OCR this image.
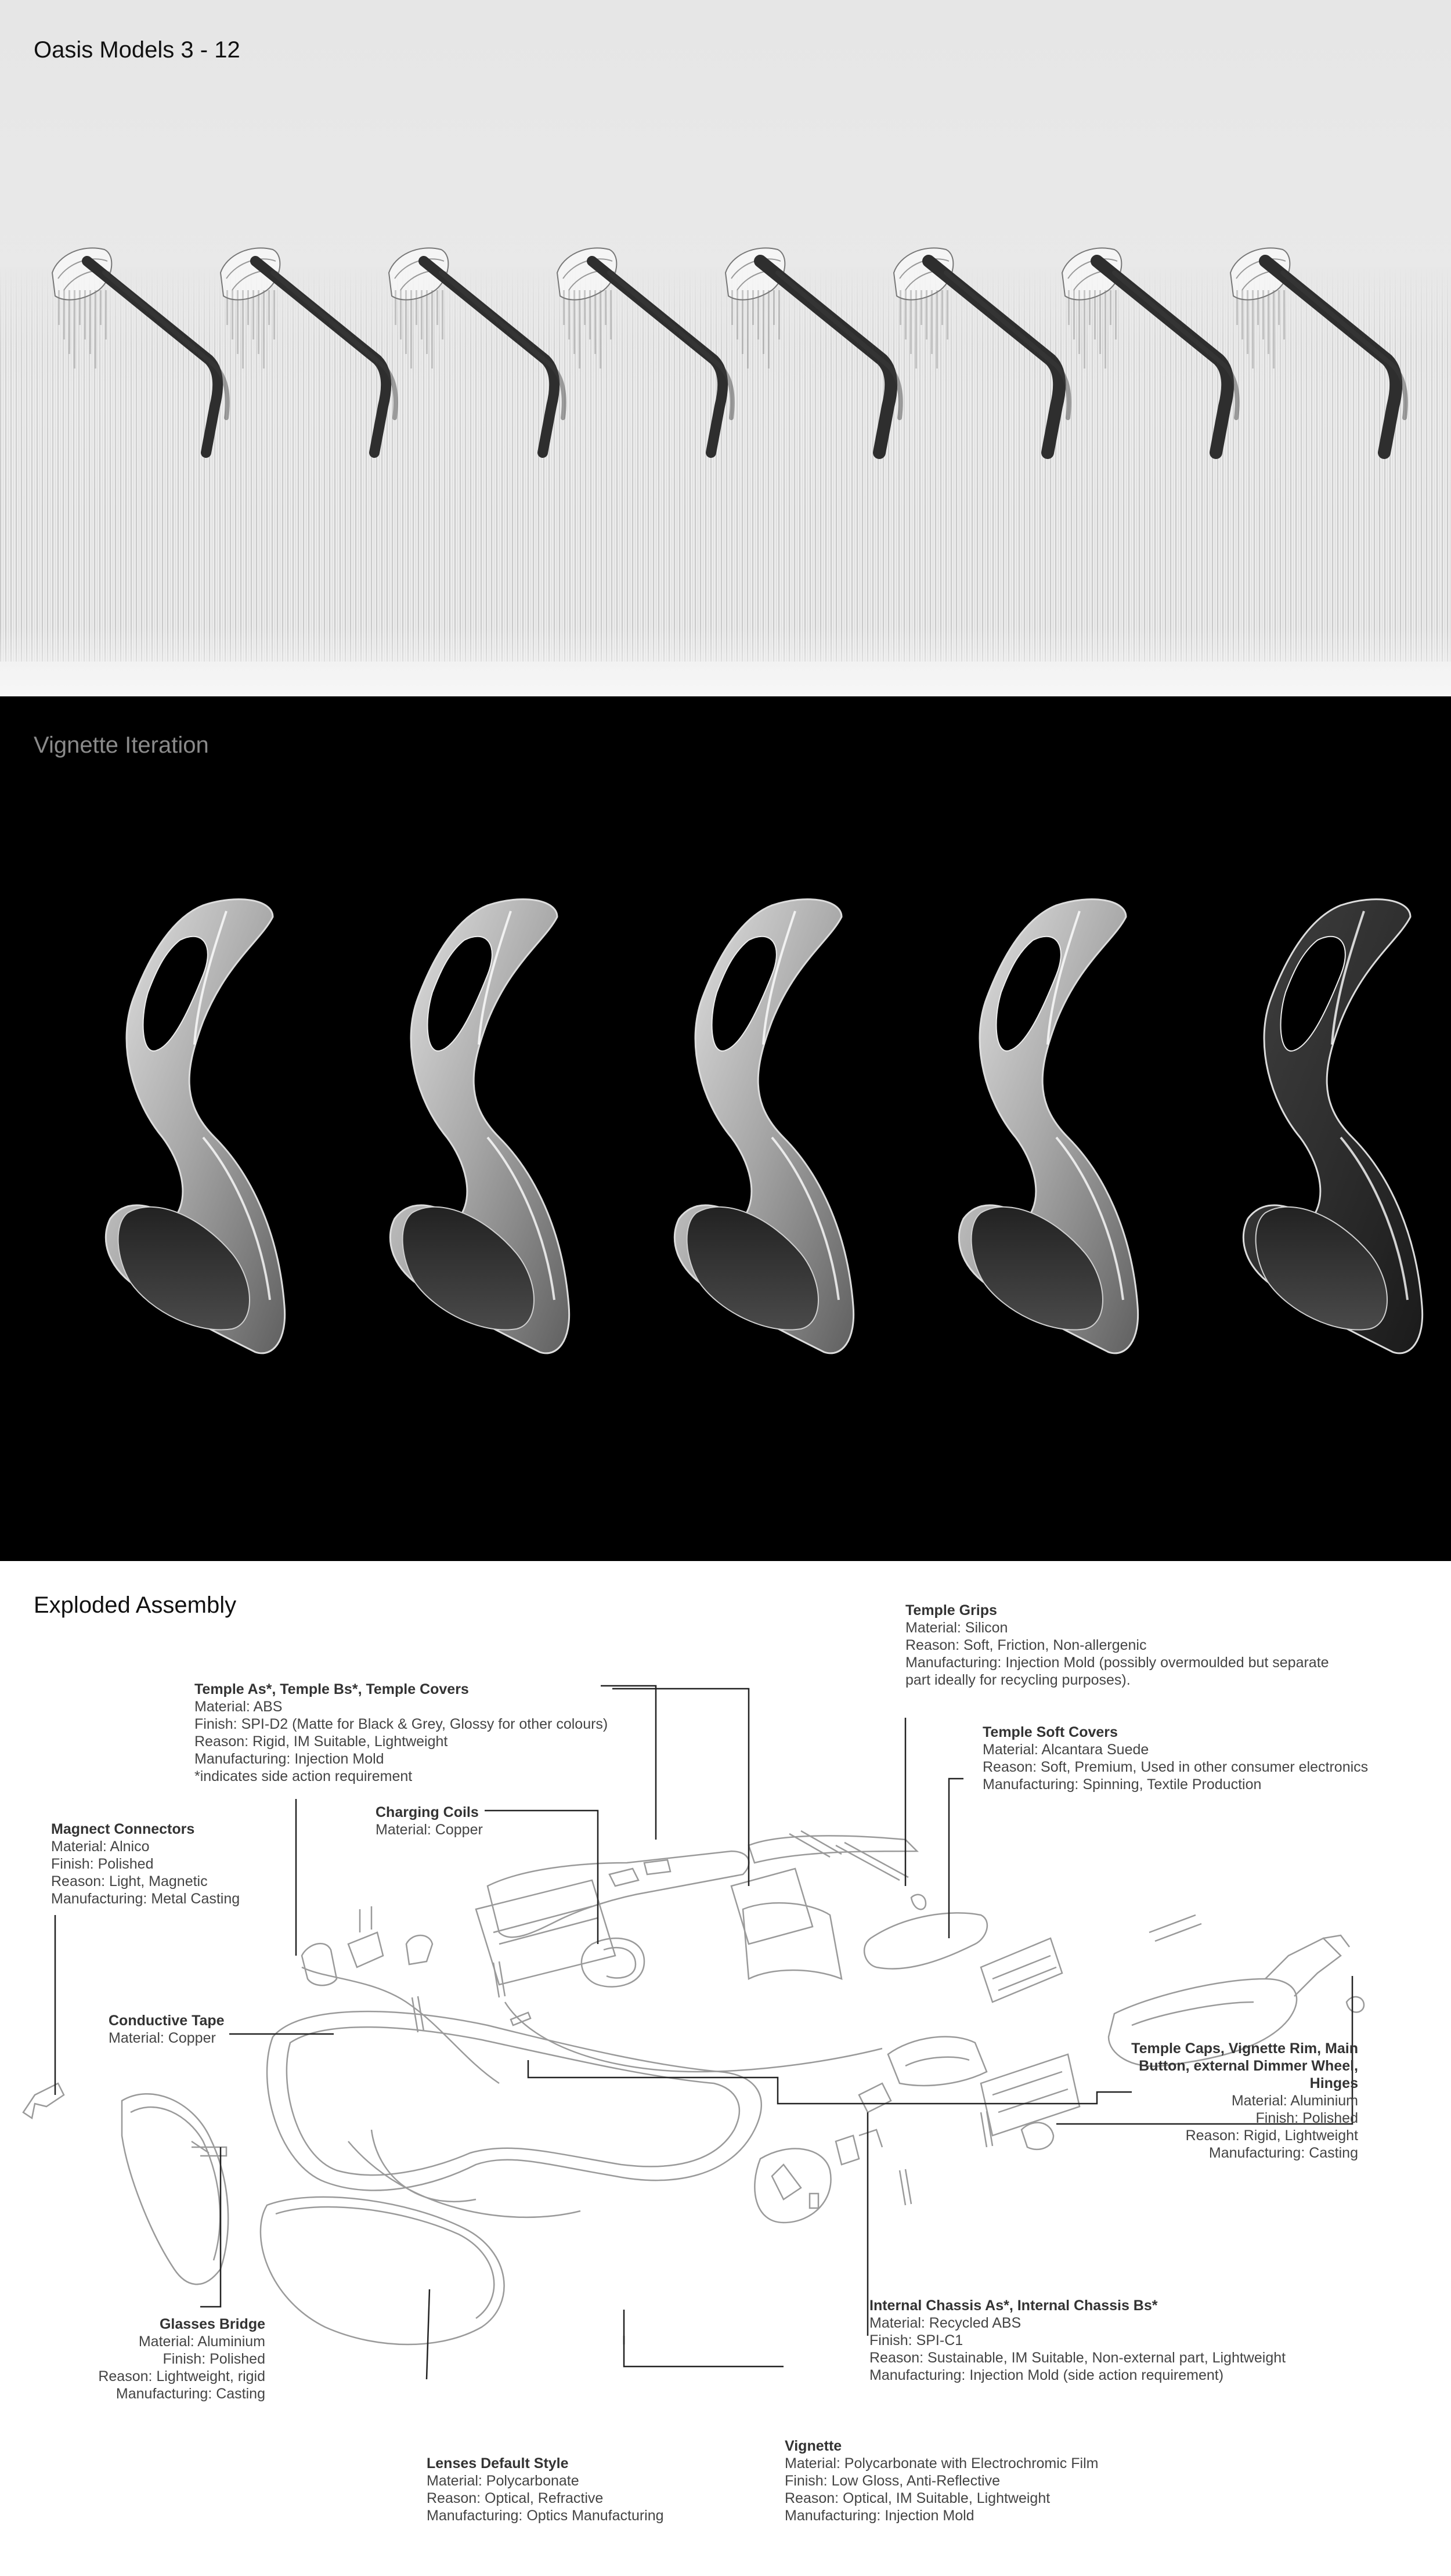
Oasis Models 3 - 12
Vignette Iteration
Exploded Assembly	Temple Grips
Material: Silicon
Reason: Soft, Friction, Non-allergenic
Manufacturing: Injection Mold (possibly overmoulded but separate
part ideally for recycling purposes).
Temple As*, Temple Bs*, Temple Covers
Material: ABS
Finish: SPI-D2 (Matte for Black & Grey, Glossy for other colours)
Reason: Rigid, IM Suitable, Lightweight
Manufacturing: Injection Mold
*indicates side action requirement
Temple Soft Covers
Material: Alcantara Suede
Reason: Soft, Premium, Used in other consumer electronics
Manufacturing: Spinning, Textile Production
Magnect Connectors
Material: Alnico
Finish: Polished
Reason: Light, Magnetic
Manufacturing: Metal Casting
Charging Coils
Material: Copper
Conductive Tape
Material: Copper
Temple Caps, Vignette Rim, Main
Button, external Dimmer Wheel,
Hinges
Material: Aluminium
Finish: Polished
Reason: Rigid, Lightweight
Manufacturing: Casting
Glasses Bridge
Material: Aluminium
Finish: Polished
Reason: Lightweight, rigid
Manufacturing: Casting
Internal Chassis As*, Internal Chassis Bs*
Material: Recycled ABS
Finish: SPI-C1
Reason: Sustainable, IM Suitable, Non-external part, Lightweight
Manufacturing: Injection Mold (side action requirement)
Lenses Default Style
Material: Polycarbonate
Reason: Optical, Refractive
Manufacturing: Optics Manufacturing
Vignette
Material: Polycarbonate with Electrochromic Film
Finish: Low Gloss, Anti-Reflective
Reason: Optical, IM Suitable, Lightweight
Manufacturing: Injection Mold
